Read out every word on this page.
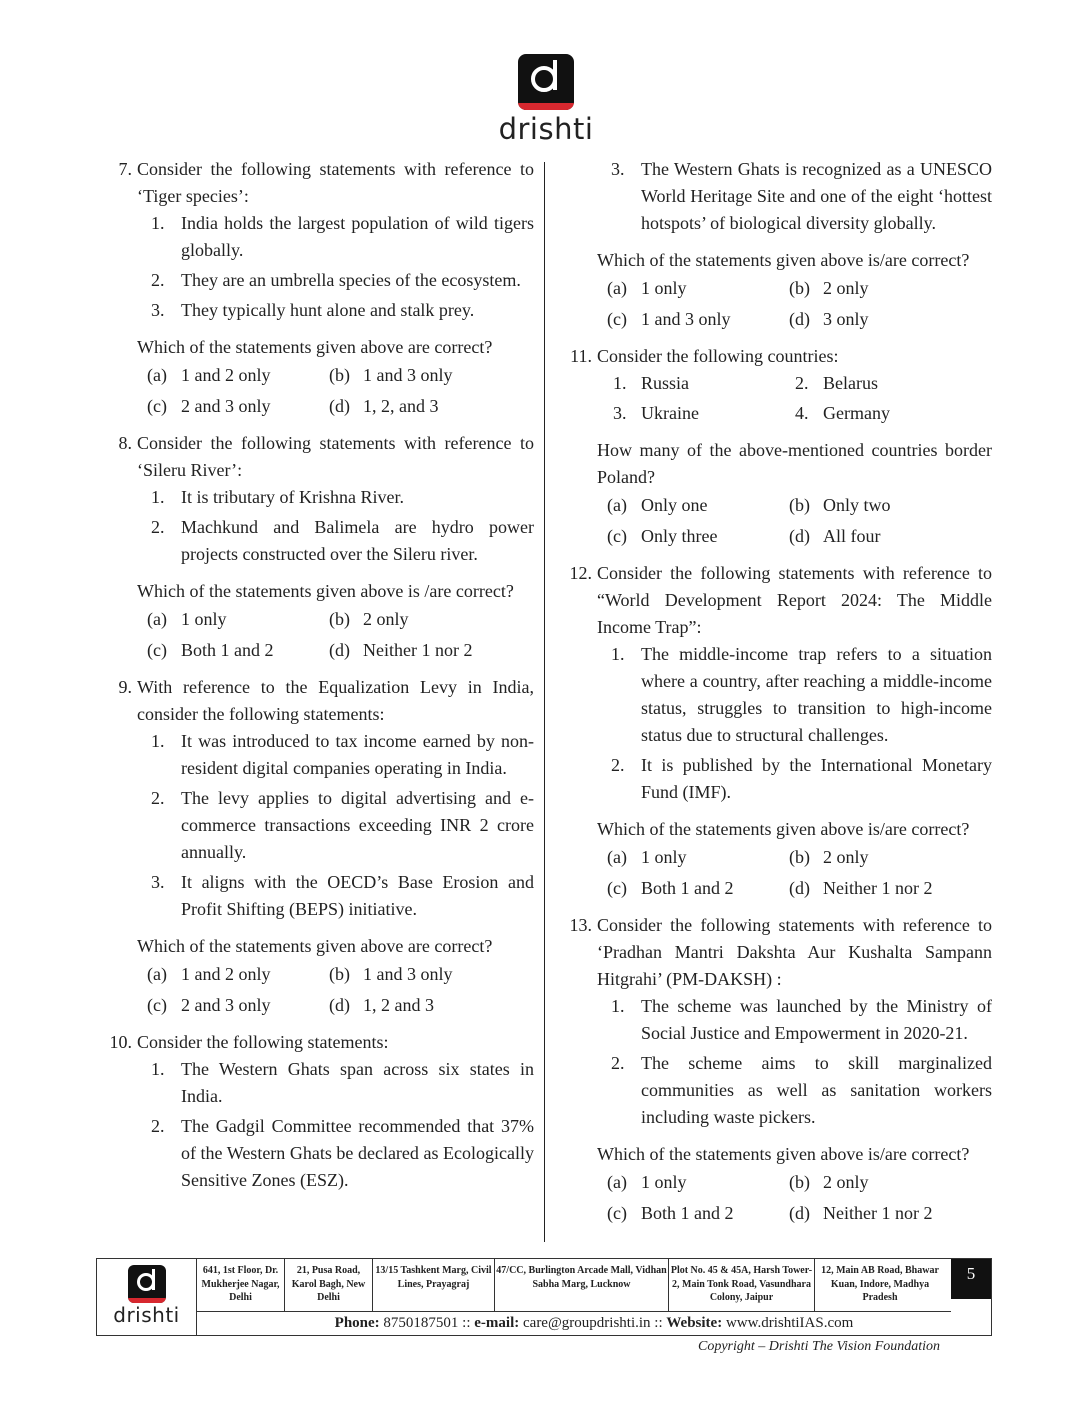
drishti
7. Consider the following statements with reference to ‘Tiger species’:
1. India holds the largest population of wild tigers globally.
2. They are an umbrella species of the ecosystem.
3. They typically hunt alone and stalk prey.
Which of the statements given above are correct?
(a) 1 and 2 only	(b) 1 and 3 only
(c) 2 and 3 only	(d) 1, 2, and 3
8. Consider the following statements with reference to ‘Sileru River’:
1. It is tributary of Krishna River.
2. Machkund and Balimela are hydro power projects constructed over the Sileru river.
Which of the statements given above is /are correct?
(a) 1 only	(b) 2 only
(c) Both 1 and 2	(d) Neither 1 nor 2
9. With reference to the Equalization Levy in India, consider the following statements:
1. It was introduced to tax income earned by non-resident digital companies operating in India.
2. The levy applies to digital advertising and e-commerce transactions exceeding INR 2 crore annually.
3. It aligns with the OECD’s Base Erosion and Profit Shifting (BEPS) initiative.
Which of the statements given above are correct?
(a) 1 and 2 only	(b) 1 and 3 only
(c) 2 and 3 only	(d) 1, 2 and 3
10. Consider the following statements:
1. The Western Ghats span across six states in India.
2. The Gadgil Committee recommended that 37% of the Western Ghats be declared as Ecologically Sensitive Zones (ESZ).
3. The Western Ghats is recognized as a UNESCO World Heritage Site and one of the eight ‘hottest hotspots’ of biological diversity globally.
Which of the statements given above is/are correct?
(a) 1 only	(b) 2 only
(c) 1 and 3 only	(d) 3 only
11. Consider the following countries:
1. Russia	2. Belarus
3. Ukraine	4. Germany
How many of the above-mentioned countries border Poland?
(a) Only one	(b) Only two
(c) Only three	(d) All four
12. Consider the following statements with reference to “World Development Report 2024: The Middle Income Trap”:
1. The middle-income trap refers to a situation where a country, after reaching a middle-income status, struggles to transition to high-income status due to structural challenges.
2. It is published by the International Monetary Fund (IMF).
Which of the statements given above is/are correct?
(a) 1 only	(b) 2 only
(c) Both 1 and 2	(d) Neither 1 nor 2
13. Consider the following statements with reference to ‘Pradhan Mantri Dakshta Aur Kushalta Sampann Hitgrahi’ (PM-DAKSH) :
1. The scheme was launched by the Ministry of Social Justice and Empowerment in 2020-21.
2. The scheme aims to skill marginalized communities as well as sanitation workers including waste pickers.
Which of the statements given above is/are correct?
(a) 1 only	(b) 2 only
(c) Both 1 and 2	(d) Neither 1 nor 2
drishti
641, 1st Floor, Dr. Mukherjee Nagar, Delhi
21, Pusa Road, Karol Bagh, New Delhi
13/15 Tashkent Marg, Civil Lines, Prayagraj
47/CC, Burlington Arcade Mall, Vidhan Sabha Marg, Lucknow
Plot No. 45 & 45A, Harsh Tower-2, Main Tonk Road, Vasundhara Colony, Jaipur
12, Main AB Road, Bhawar Kuan, Indore, Madhya Pradesh
5
Phone: 8750187501 :: e-mail: care@groupdrishti.in :: Website: www.drishtiIAS.com
Copyright – Drishti The Vision Foundation
